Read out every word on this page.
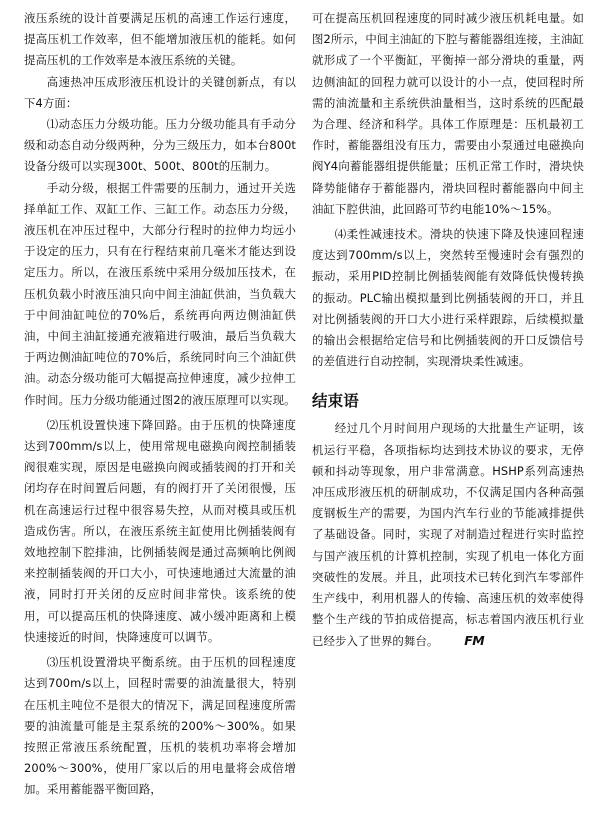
液压系统的设计首要满足压机的高速工作运行速度，提高压机工作效率，但不能增加液压机的能耗。如何提高压机的工作效率是本液压系统的关键。

高速热冲压成形液压机设计的关键创新点，有以下4方面：

⑴动态压力分级功能。压力分级功能具有手动分级和动态自动分级两种，分为三级压力，如本台800t设备分级可以实现300t、500t、800t的压制力。

手动分级，根据工件需要的压制力，通过开关选择单缸工作、双缸工作、三缸工作。动态压力分级，液压机在冲压过程中，大部分行程时的拉伸力均远小于设定的压力，只有在行程结束前几毫米才能达到设定压力。所以，在液压系统中采用分级加压技术，在压机负载小时液压油只向中间主油缸供油，当负载大于中间油缸吨位的70%后，系统再向两边侧油缸供油，中间主油缸接通充液箱进行吸油，最后当负载大于两边侧油缸吨位的70%后，系统同时向三个油缸供油。动态分级功能可大幅提高拉伸速度，减少拉伸工作时间。压力分级功能通过图2的液压原理可以实现。

⑵压机设置快速下降回路。由于压机的快降速度达到700mm/s以上，使用常规电磁换向阀控制插装阀很难实现，原因是电磁换向阀或插装阀的打开和关闭均存在时间置后问题，有的阀打开了关闭很慢，压机在高速运行过程中很容易失控，从而对模具或压机造成伤害。所以，在液压系统主缸使用比例插装阀有效地控制下腔排油，比例插装阀是通过高频响比例阀来控制插装阀的开口大小，可快速地通过大流量的油液，同时打开关闭的反应时间非常快。该系统的使用，可以提高压机的快降速度、减小缓冲距离和上模快速接近的时间，快降速度可以调节。

⑶压机设置滑块平衡系统。由于压机的回程速度达到700m/s以上，回程时需要的油流量很大，特别在压机主吨位不是很大的情况下，满足回程速度所需要的油流量可能是主泵系统的200%～300%。如果按照正常液压系统配置，压机的装机功率将会增加200%～300%，使用厂家以后的用电量将会成倍增加。采用蓄能器平衡回路，

可在提高压机回程速度的同时减少液压机耗电量。如图2所示，中间主油缸的下腔与蓄能器组连接，主油缸就形成了一个平衡缸，平衡掉一部分滑块的重量，两边侧油缸的回程力就可以设计的小一点，使回程时所需的油流量和主系统供油量相当，这时系统的匹配最为合理、经济和科学。具体工作原理是：压机最初工作时，蓄能器组没有压力，需要由小泵通过电磁换向阀Y4向蓄能器组提供能量；压机正常工作时，滑块快降势能储存于蓄能器内，滑块回程时蓄能器向中间主油缸下腔供油，此回路可节约电能10%～15%。

⑷柔性减速技术。滑块的快速下降及快速回程速度达到700mm/s以上，突然转至慢速时会有强烈的振动，采用PID控制比例插装阀能有效降低快慢转换的振动。PLC输出模拟量到比例插装阀的开口，并且对比例插装阀的开口大小进行采样跟踪，后续模拟量的输出会根据给定信号和比例插装阀的开口反馈信号的差值进行自动控制，实现滑块柔性减速。

结束语

经过几个月时间用户现场的大批量生产证明，该机运行平稳，各项指标均达到技术协议的要求，无停顿和抖动等现象，用户非常满意。HSHP系列高速热冲压成形液压机的研制成功，不仅满足国内各种高强度钢板生产的需要，为国内汽车行业的节能减排提供了基础设备。同时，实现了对制造过程进行实时监控与国产液压机的计算机控制，实现了机电一体化方面突破性的发展。并且，此项技术已转化到汽车零部件生产线中，利用机器人的传输、高速压机的效率使得整个生产线的节拍成倍提高，标志着国内液压机行业已经步入了世界的舞台。 FM
